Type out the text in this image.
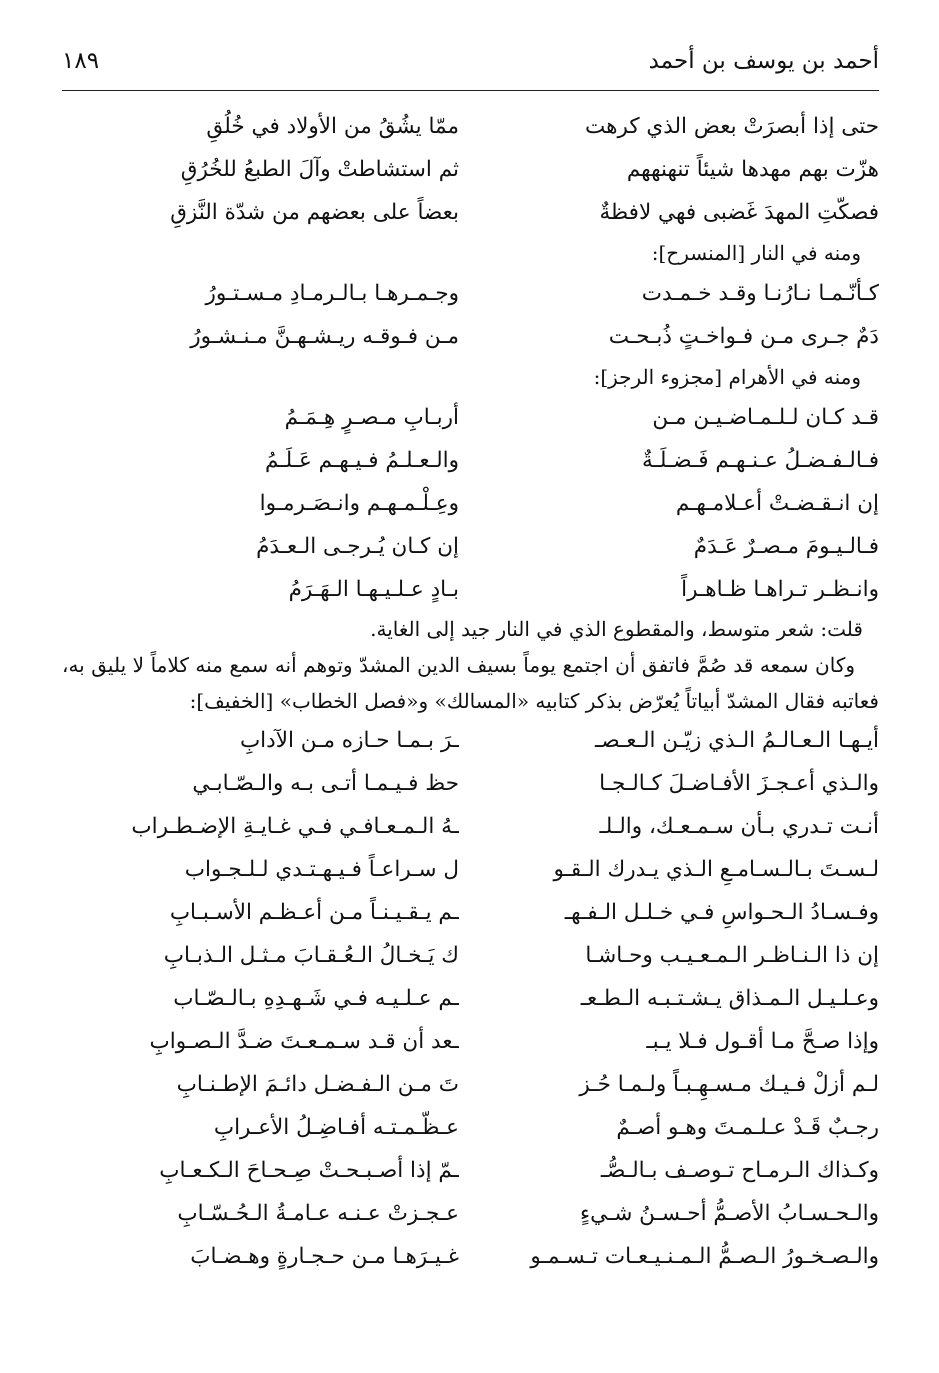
أحمد بن يوسف بن أحمد
١٨٩
حتى إذا أبصرَتْ بعض الذي كرهت
ممّا يشُقُ من الأولاد في خُلُقِ
هزّت بهم مهدها شيئاً تنهنههم
ثم استشاطتْ وآلَ الطبعُ للخُرُقِ
فصكّتِ المهدَ غَضبى فهي لافظةٌ
بعضاً على بعضهم من شدّة النَّزقِ
ومنه في النار [المنسرح]:
كـأنّـمـا نـارُنـا وقـد خـمـدت
وجـمـرهـا بـالـرمـادِ مـسـتـورُ
دَمٌ جـرى مـن فـواخـتٍ ذُبـحـت
مـن فـوقـه ريـشـهـنَّ مـنـشـورُ
ومنه في الأهرام [مجزوء الرجز]:
قـد كـان لـلـمـاضـيـن مـن
أربـابِ مـصـرٍ هِـمَـمُ
فـالـفـضـلُ عـنـهـم فَـضـلَـةٌ
والـعـلـمُ فـيـهـم عَـلَـمُ
إن انـقـضـتْ أعـلامـهـم
وعِـلْـمـهـم وانـصَـرمـوا
فـالـيـومَ مـصـرٌ عَـدَمٌ
إن كـان يُـرجـى الـعـدَمُ
وانـظـر تـراهـا ظـاهـراً
بـادٍ عـلـيـهـا الـهَـرَمُ

قلت: شعر متوسط، والمقطوع الذي في النار جيد إلى الغاية.

وكان سمعه قد صُمَّ فاتفق أن اجتمع يوماً بسيف الدين المشدّ وتوهم أنه سمع منه كلاماً لا يليق به، فعاتبه فقال المشدّ أبياتاً يُعرّض بذكر كتابيه «المسالك» و«فصل الخطاب» [الخفيف]:

أيـهـا الـعـالـمُ الـذي زيّـن الـعـصـ
ـرَ بـمـا حـازه مـن الآدابِ
والـذي أعـجـزَ الأفـاضـلَ كـالـجـا
حظ فـيـمـا أتـى بـه والـصّـابـي
أنـت تـدري بـأن سـمـعـك، والـلـ
ـهُ الـمـعـافـي فـي غـايـةِ الإضـطـراب
لـسـتَ بـالـسـامـعِ الـذي يـدرك الـقـو
ل سـراعـاً فـيـهـتـدي لـلـجـواب
وفـسـادُ الـحـواسِ فـي خـلـل الـفـهـ
ـم يـقـيـنـاً مـن أعـظـم الأسـبـابِ
إن ذا الـنـاظـر الـمـعـيـب وحـاشـا
ك يَـخـالُ الـعُـقـابَ مـثـل الـذبـابِ
وعـلـيـل الـمـذاق يـشـتـبـه الـطـعـ
ـم عـلـيـه فـي شَـهـدِهِ بـالـصّـاب
وإذا صـحَّ مـا أقـول فـلا يـبـ
ـعد أن قـد سـمـعـتَ ضـدَّ الـصـوابِ
لـم أزلْ فـيـك مـسـهِـبـاً ولـمـا حُـز
تَ مـن الـفـضـل دائـمَ الإطـنـابِ
رجـبٌ قَـدْ عـلـمـتَ وهـو أصـمٌ
عـظّـمـتـه أفـاضِـلُ الأعـرابِ
وكـذاك الـرمـاح تـوصـف بـالـصُّـ
ـمّ إذا أصـبـحـتْ صِـحـاحَ الـكـعـابِ
والـحـسـابُ الأصـمُّ أحـسـنُ شـيءٍ
عـجـزتْ عـنـه عـامـةُ الـحُـسّـابِ
والـصـخـورُ الـصـمُّ الـمـنـيـعـات تـسـمـو
غـيـرَهـا مـن حـجـارةٍ وهـضـابَ
